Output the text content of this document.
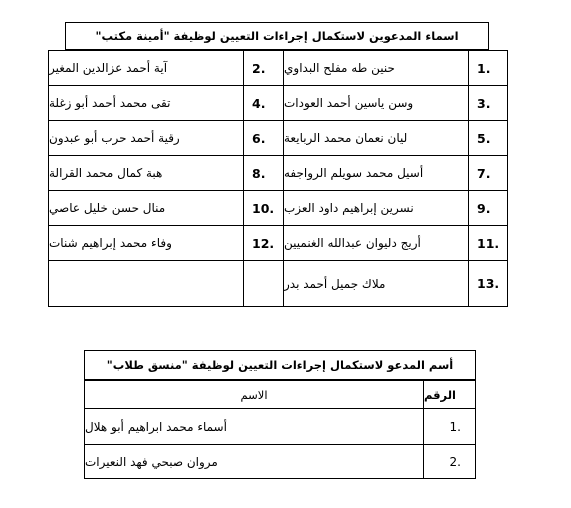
اسماء المدعوين لاستكمال إجراءات التعيين لوظيفة "أمينة مكتب"
1.
حنين طه مفلح البداوي
2.
آية أحمد عزالدين المغير
3.
وسن ياسين أحمد العودات
4.
تقى محمد أحمد أبو زغلة
5.
ليان نعمان محمد الربايعة
6.
رقية أحمد حرب أبو عبدون
7.
أسيل محمد سويلم الرواجفه
8.
هبة كمال محمد القرالة
9.
نسرين إبراهيم داود العزب
10.
منال حسن خليل عاصي
11.
أريج دليوان عبدالله الغنميين
12.
وفاء محمد إبراهيم شنات
13.
ملاك جميل أحمد بدر
أسم المدعو لاستكمال إجراءات التعيين لوظيفة "منسق طلاب"
الرقم
الاسم
1.
أسماء محمد ابراهيم أبو هلال
2.
مروان صبحي فهد النعيرات
